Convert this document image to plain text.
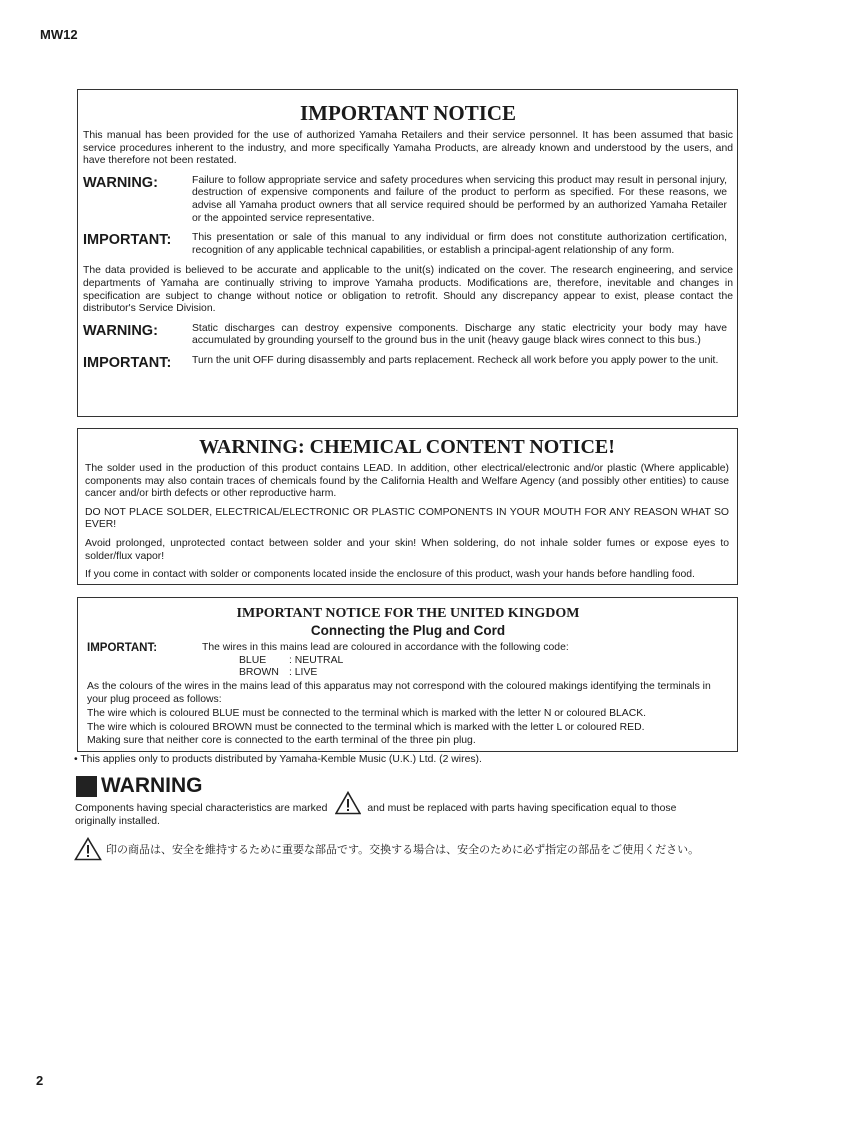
MW12
IMPORTANT NOTICE

This manual has been provided for the use of authorized Yamaha Retailers and their service personnel. It has been assumed that basic service procedures inherent to the industry, and more specifically Yamaha Products, are already known and understood by the users, and have therefore not been restated.

WARNING:	Failure to follow appropriate service and safety procedures when servicing this product may result in personal injury, destruction of expensive components and failure of the product to perform as specified. For these reasons, we advise all Yamaha product owners that all service required should be performed by an authorized Yamaha Retailer or the appointed service representative.
IMPORTANT:	This presentation or sale of this manual to any individual or firm does not constitute authorization certification, recognition of any applicable technical capabilities, or establish a principal-agent relationship of any form.

The data provided is believed to be accurate and applicable to the unit(s) indicated on the cover. The research engineering, and service departments of Yamaha are continually striving to improve Yamaha products. Modifications are, therefore, inevitable and changes in specification are subject to change without notice or obligation to retrofit. Should any discrepancy appear to exist, please contact the distributor's Service Division.

WARNING:	Static discharges can destroy expensive components. Discharge any static electricity your body may have accumulated by grounding yourself to the ground bus in the unit (heavy gauge black wires connect to this bus.)
IMPORTANT:	Turn the unit OFF during disassembly and parts replacement. Recheck all work before you apply power to the unit.
WARNING: CHEMICAL CONTENT NOTICE!

The solder used in the production of this product contains LEAD. In addition, other electrical/electronic and/or plastic (Where applicable) components may also contain traces of chemicals found by the California Health and Welfare Agency (and possibly other entities) to cause cancer and/or birth defects or other reproductive harm.

DO NOT PLACE SOLDER, ELECTRICAL/ELECTRONIC OR PLASTIC COMPONENTS IN YOUR MOUTH FOR ANY REASON WHAT SO EVER!

Avoid prolonged, unprotected contact between solder and your skin! When soldering, do not inhale solder fumes or expose eyes to solder/flux vapor!

If you come in contact with solder or components located inside the enclosure of this product, wash your hands before handling food.

IMPORTANT NOTICE FOR THE UNITED KINGDOM
Connecting the Plug and Cord
IMPORTANT:	The wires in this mains lead are coloured in accordance with the following code:
BLUE : NEUTRAL
BROWN : LIVE

As the colours of the wires in the mains lead of this apparatus may not correspond with the coloured makings identifying the terminals in your plug proceed as follows:

The wire which is coloured BLUE must be connected to the terminal which is marked with the letter N or coloured BLACK.

The wire which is coloured BROWN must be connected to the terminal which is marked with the letter L or coloured RED.

Making sure that neither core is connected to the earth terminal of the three pin plug.

• This applies only to products distributed by Yamaha-Kemble Music (U.K.) Ltd. (2 wires).
WARNING
Components having special characteristics are marked	and must be replaced with parts having specification equal to those
originally installed.
印の商品は、安全を維持するために重要な部品です。交換する場合は、安全のために必ず指定の部品をご使用ください。
2
